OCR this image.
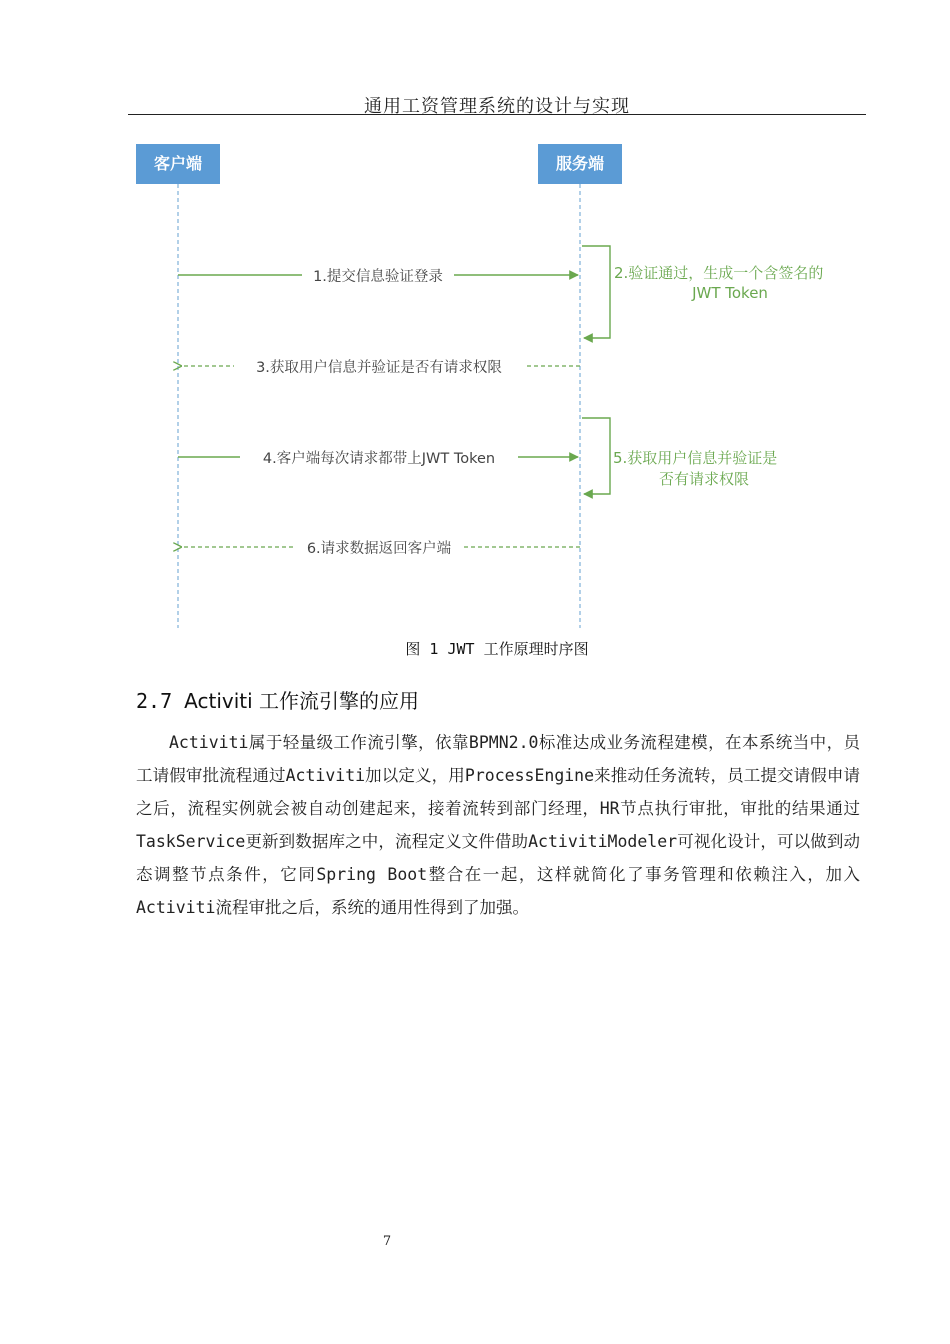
通用工资管理系统的设计与实现
客户端	服务端
1.提交信息验证登录	2.验证通过，生成一个含签名的
JWT Token
3.获取用户信息并验证是否有请求权限
4.客户端每次请求都带上JWT Token	5.获取用户信息并验证是
否有请求权限
6.请求数据返回客户端
图 1 JWT 工作原理时序图
2.7 Activiti 工作流引擎的应用

Activiti属于轻量级工作流引擎，依靠BPMN2.0标准达成业务流程建模，在本系统当中，员工请假审批流程通过Activiti加以定义，用ProcessEngine来推动任务流转，员工提交请假申请之后，流程实例就会被自动创建起来，接着流转到部门经理，HR节点执行审批，审批的结果通过TaskService更新到数据库之中，流程定义文件借助ActivitiModeler可视化设计，可以做到动态调整节点条件，它同Spring Boot整合在一起，这样就简化了事务管理和依赖注入，加入Activiti流程审批之后，系统的通用性得到了加强。

7
